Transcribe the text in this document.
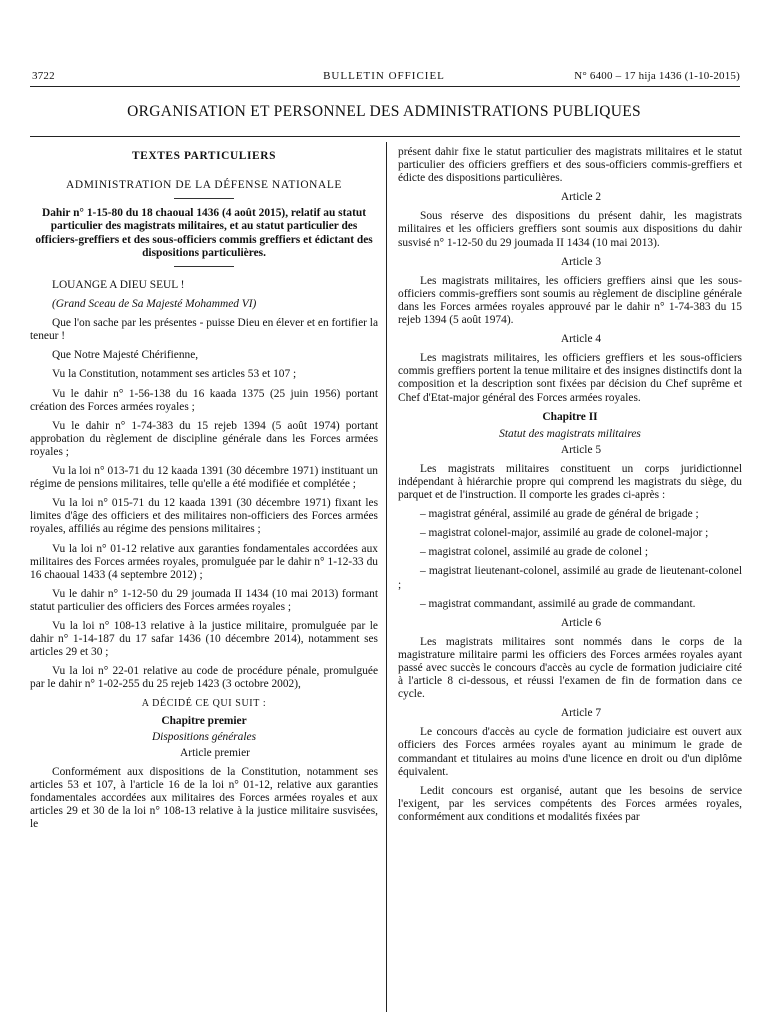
3722	BULLETIN OFFICIEL	N° 6400 – 17 hija 1436 (1-10-2015)
ORGANISATION ET PERSONNEL DES ADMINISTRATIONS PUBLIQUES

TEXTES PARTICULIERS

ADMINISTRATION DE LA DÉFENSE NATIONALE

Dahir n° 1-15-80 du 18 chaoual 1436 (4 août 2015), relatif au statut particulier des magistrats militaires, et au statut particulier des officiers-greffiers et des sous-officiers commis greffiers et édictant des dispositions particulières.

LOUANGE A DIEU SEUL !

(Grand Sceau de Sa Majesté Mohammed VI)

Que l'on sache par les présentes - puisse Dieu en élever et en fortifier la teneur !

Que Notre Majesté Chérifienne,

Vu la Constitution, notamment ses articles 53 et 107 ;

Vu le dahir n° 1-56-138 du 16 kaada 1375 (25 juin 1956) portant création des Forces armées royales ;

Vu le dahir n° 1-74-383 du 15 rejeb 1394 (5 août 1974) portant approbation du règlement de discipline générale dans les Forces armées royales ;

Vu la loi n° 013-71 du 12 kaada 1391 (30 décembre 1971) instituant un régime de pensions militaires, telle qu'elle a été modifiée et complétée ;

Vu la loi n° 015-71 du 12 kaada 1391 (30 décembre 1971) fixant les limites d'âge des officiers et des militaires non-officiers des Forces armées royales, affiliés au régime des pensions militaires ;

Vu la loi n° 01-12 relative aux garanties fondamentales accordées aux militaires des Forces armées royales, promulguée par le dahir n° 1-12-33 du 16 chaoual 1433 (4 septembre 2012) ;

Vu le dahir n° 1-12-50 du 29 joumada II 1434 (10 mai 2013) formant statut particulier des officiers des Forces armées royales ;

Vu la loi n° 108-13 relative à la justice militaire, promulguée par le dahir n° 1-14-187 du 17 safar 1436 (10 décembre 2014), notamment ses articles 29 et 30 ;

Vu la loi n° 22-01 relative au code de procédure pénale, promulguée par le dahir n° 1-02-255 du 25 rejeb 1423 (3 octobre 2002),

A DÉCIDÉ CE QUI SUIT :

Chapitre premier

Dispositions générales

Article premier

Conformément aux dispositions de la Constitution, notamment ses articles 53 et 107, à l'article 16 de la loi n° 01-12, relative aux garanties fondamentales accordées aux militaires des Forces armées royales et aux articles 29 et 30 de la loi n° 108-13 relative à la justice militaire susvisées, le

présent dahir fixe le statut particulier des magistrats militaires et le statut particulier des officiers greffiers et des sous-officiers commis-greffiers et édicte des dispositions particulières.

Article 2

Sous réserve des dispositions du présent dahir, les magistrats militaires et les officiers greffiers sont soumis aux dispositions du dahir susvisé n° 1-12-50 du 29 joumada II 1434 (10 mai 2013).

Article 3

Les magistrats militaires, les officiers greffiers ainsi que les sous-officiers commis-greffiers sont soumis au règlement de discipline générale dans les Forces armées royales approuvé par le dahir n° 1-74-383 du 15 rejeb 1394 (5 août 1974).

Article 4

Les magistrats militaires, les officiers greffiers et les sous-officiers commis greffiers portent la tenue militaire et des insignes distinctifs dont la composition et la description sont fixées par décision du Chef suprême et Chef d'Etat-major général des Forces armées royales.

Chapitre II

Statut des magistrats militaires

Article 5

Les magistrats militaires constituent un corps juridictionnel indépendant à hiérarchie propre qui comprend les magistrats du siège, du parquet et de l'instruction. Il comporte les grades ci-après :

– magistrat général, assimilé au grade de général de brigade ;

– magistrat colonel-major, assimilé au grade de colonel-major ;

– magistrat colonel, assimilé au grade de colonel ;

– magistrat lieutenant-colonel, assimilé au grade de lieutenant-colonel ;

– magistrat commandant, assimilé au grade de commandant.

Article 6

Les magistrats militaires sont nommés dans le corps de la magistrature militaire parmi les officiers des Forces armées royales ayant passé avec succès le concours d'accès au cycle de formation judiciaire cité à l'article 8 ci-dessous, et réussi l'examen de fin de formation dans ce cycle.

Article 7

Le concours d'accès au cycle de formation judiciaire est ouvert aux officiers des Forces armées royales ayant au minimum le grade de commandant et titulaires au moins d'une licence en droit ou d'un diplôme équivalent.

Ledit concours est organisé, autant que les besoins de service l'exigent, par les services compétents des Forces armées royales, conformément aux conditions et modalités fixées par
